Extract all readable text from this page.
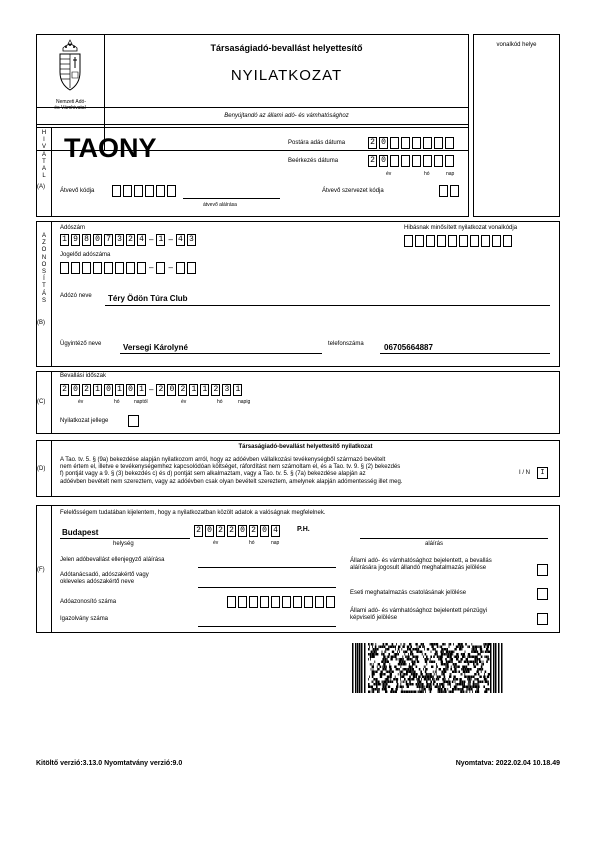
Nemzeti Adó-
és Vámhivatal
Társaságiadó-bevallást helyettesítő
NYILATKOZAT
Benyújtandó az állami adó- és vámhatósághoz
vonalkód helye
H
I
V
A
T
A
L
(A)
TAONY	Postára adás dátuma	2 0
Beérkezés dátuma	2 0
év	hó	nap
Átvevő kódja
átvevő aláírása
Átvevő szervezet kódja
A
Z
O
N
O
S
Í
T
Á
S
(B)
Adószám
1 9 8 0 7 3 2 4 – 1 – 4 3
Hibásnak minősített nyilatkozat vonalkódja
Jogelőd adószáma
– –
Adózó neve Téry Ödön Túra Club
Ügyintéző neve	Versegi Károlyné	telefonszáma	06705664887
(C)
Bevallási időszak
2 0 2 1 0 1 0 1 – 2 0 2 1 1 2 3 1
év	hó	naptól	év	hó	napig
Nyilatkozat jellege
(D)
Társaságiadó-bevallást helyettesítő nyilatkozat
A Tao. tv. 5. § (9a) bekezdése alapján nyilatkozom arról, hogy az adóévben vállalkozási tevékenységből származó bevételt
nem értem el, illetve e tevékenységemhez kapcsolódóan költséget, ráfordítást nem számoltam el, és a Tao. tv. 9. § (2) bekezdés
f) pontját vagy a 9. § (3) bekezdés c) és d) pontját sem alkalmaztam, vagy a Tao. tv. 5. § (7a) bekezdése alapján az
adóévben bevételt nem szereztem, vagy az adóévben csak olyan bevételt szereztem, amelynek alapján adómentesség illet meg.
I / N	I
(F)
Felelősségem tudatában kijelentem, hogy a nyilatkozatban közölt adatok a valóságnak megfelelnek.
Budapest
helység
2 0 2 2 0 2 0 4
év	hó	nap
P.H.
aláírás
Jelen adóbevallást ellenjegyző aláírása
Adótanácsadó, adószakértő vagy
okleveles adószakértő neve
Adóazonosító száma
Igazolvány száma
Állami adó- és vámhatósághoz bejelentett, a bevallás
aláírására jogosult állandó meghatalmazás jelölése
Eseti meghatalmazás csatolásának jelölése
Állami adó- és vámhatósághoz bejelentett pénzügyi
képviselő jelölése
Kitöltő verzió:3.13.0 Nyomtatvány verzió:9.0	Nyomtatva: 2022.02.04 10.18.49
